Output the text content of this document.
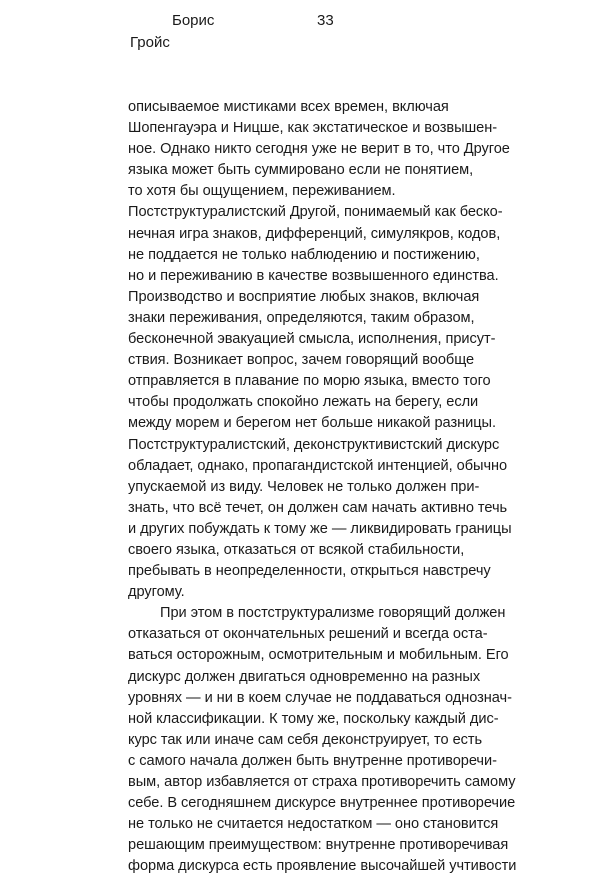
Борис
Гройс
33
описываемое мистиками всех времен, включая
Шопенгауэра и Ницше, как экстатическое и возвышен-
ное. Однако никто сегодня уже не верит в то, что Другое
языка может быть суммировано если не понятием,
то хотя бы ощущением, переживанием.
Постструктуралистский Другой, понимаемый как беско-
нечная игра знаков, дифференций, симулякров, кодов,
не поддается не только наблюдению и постижению,
но и переживанию в качестве возвышенного единства.
Производство и восприятие любых знаков, включая
знаки переживания, определяются, таким образом,
бесконечной эвакуацией смысла, исполнения, присут-
ствия. Возникает вопрос, зачем говорящий вообще
отправляется в плавание по морю языка, вместо того
чтобы продолжать спокойно лежать на берегу, если
между морем и берегом нет больше никакой разницы.
Постструктуралистский, деконструктивистский дискурс
обладает, однако, пропагандистской интенцией, обычно
упускаемой из виду. Человек не только должен при-
знать, что всё течет, он должен сам начать активно течь
и других побуждать к тому же — ликвидировать границы
своего языка, отказаться от всякой стабильности,
пребывать в неопределенности, открыться навстречу
другому.
При этом в постструктурализме говорящий должен
отказаться от окончательных решений и всегда оста-
ваться осторожным, осмотрительным и мобильным. Его
дискурс должен двигаться одновременно на разных
уровнях — и ни в коем случае не поддаваться однознач-
ной классификации. К тому же, поскольку каждый дис-
курс так или иначе сам себя деконструирует, то есть
с самого начала должен быть внутренне противоречи-
вым, автор избавляется от страха противоречить самому
себе. В сегодняшнем дискурсе внутреннее противоречие
не только не считается недостатком — оно становится
решающим преимуществом: внутренне противоречивая
форма дискурса есть проявление высочайшей учтивости
